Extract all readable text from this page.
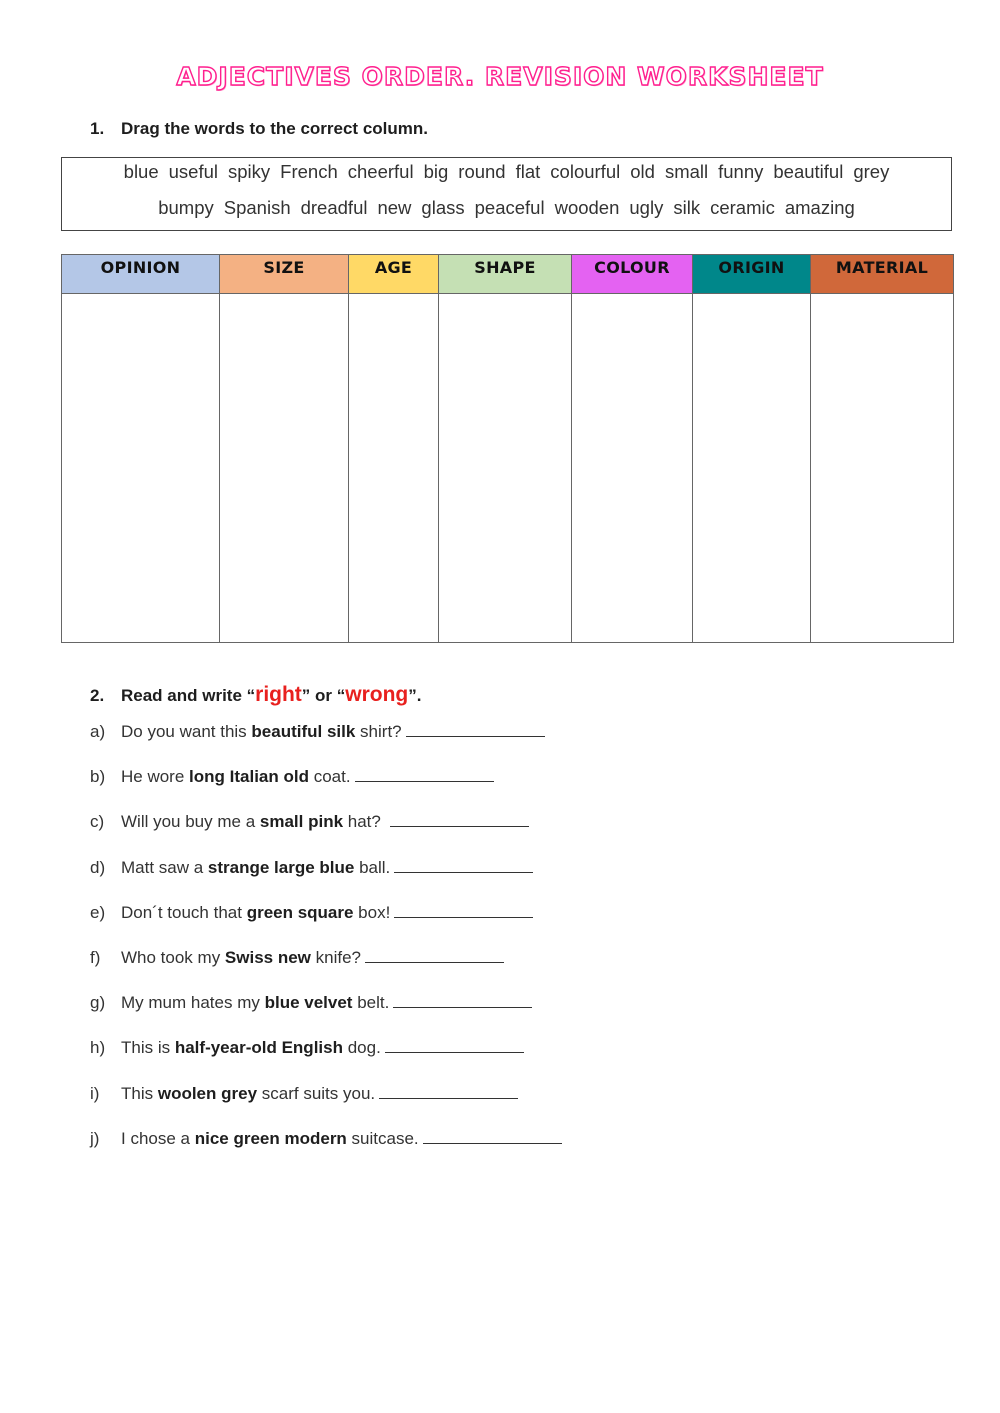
ADJECTIVES ORDER. REVISION WORKSHEET
1. Drag the words to the correct column.
blue useful spiky French cheerful big round flat colourful old small funny beautiful grey
bumpy Spanish dreadful new glass peaceful wooden ugly silk ceramic amazing
OPINION	SIZE	AGE	SHAPE	COLOUR	ORIGIN	MATERIAL

2. Read and write “right” or “wrong”.
a) Do you want this beautiful silk shirt?
b) He wore long Italian old coat.
c) Will you buy me a small pink hat?
d) Matt saw a strange large blue ball.
e) Don´t touch that green square box!
f) Who took my Swiss new knife?
g) My mum hates my blue velvet belt.
h) This is half-year-old English dog.
i) This woolen grey scarf suits you.
j) I chose a nice green modern suitcase.
